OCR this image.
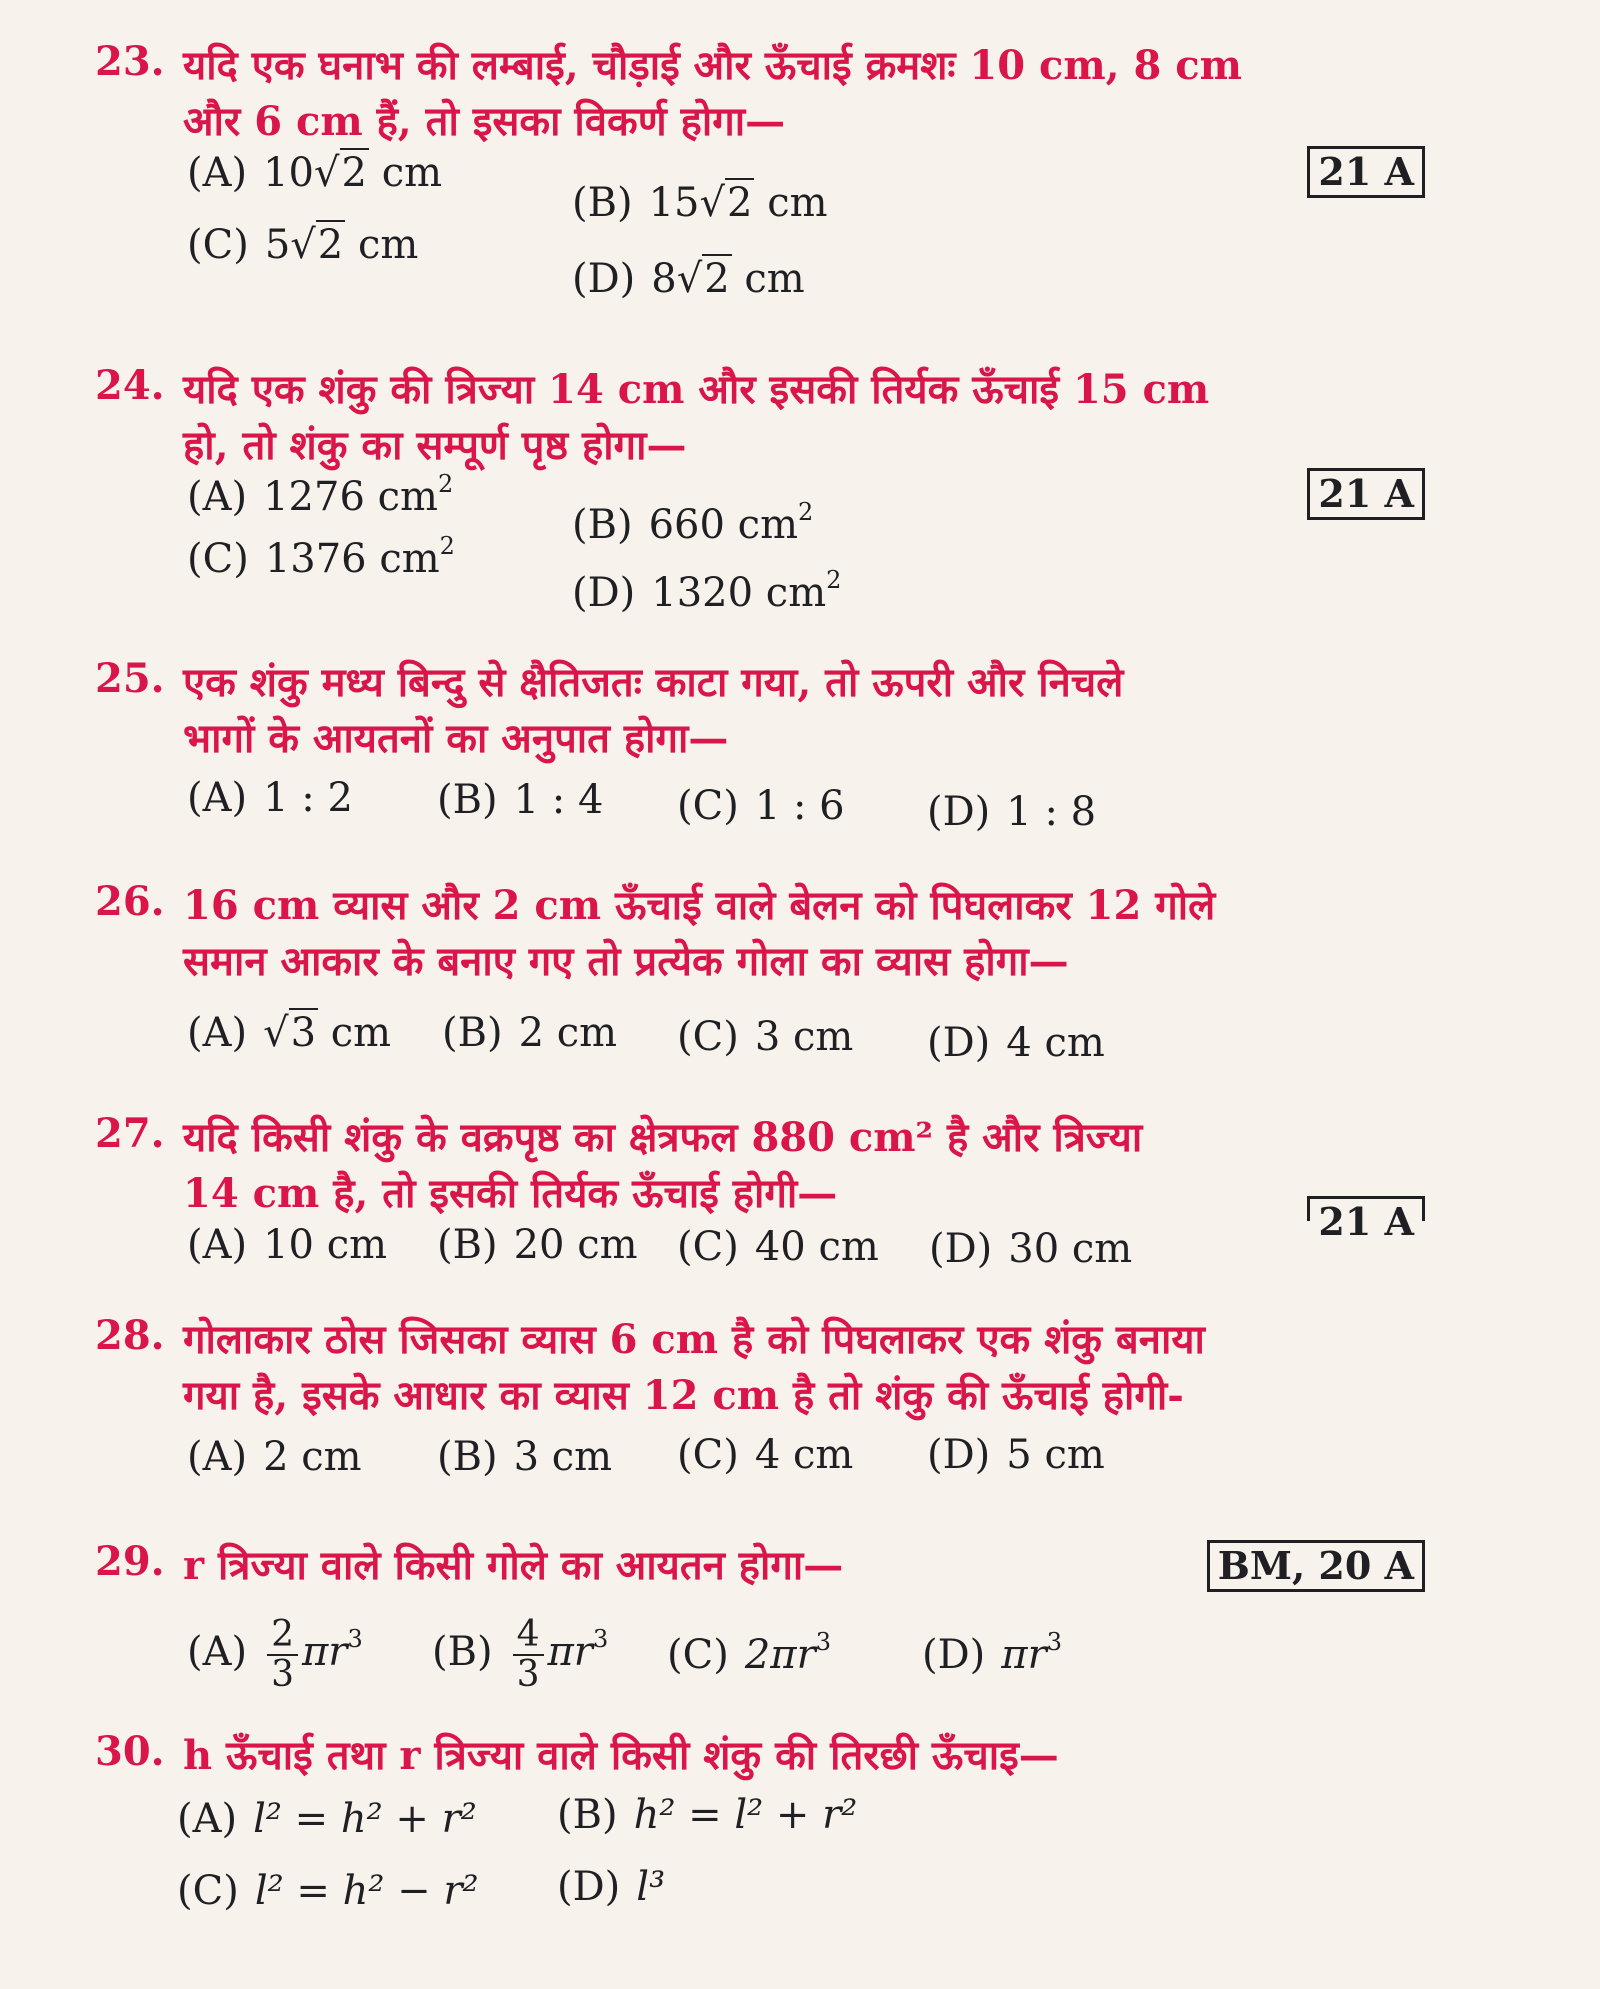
23. यदि एक घनाभ की लम्बाई, चौड़ाई और ऊँचाई क्रमशः 10 cm, 8 cm
और 6 cm हैं, तो इसका विकर्ण होगा—
21 A
(A) 10√2 cm
(B) 15√2 cm
(C) 5√2 cm
(D) 8√2 cm
24. यदि एक शंकु की त्रिज्या 14 cm और इसकी तिर्यक ऊँचाई 15 cm
हो, तो शंकु का सम्पूर्ण पृष्ठ होगा—
21 A
(A) 1276 $cm^2$
(B) 660 $cm^2$
(C) 1376 $cm^2$
(D) 1320 $cm^2$
25. एक शंकु मध्य बिन्दु से क्षैतिजतः काटा गया, तो ऊपरी और निचले
भागों के आयतनों का अनुपात होगा—
(A) 1 : 2 (B) 1 : 4 (C) 1 : 6 (D) 1 : 8
26. 16 cm व्यास और 2 cm ऊँचाई वाले बेलन को पिघलाकर 12 गोले
समान आकार के बनाए गए तो प्रत्येक गोला का व्यास होगा—
(A) √3 cm (B) 2 cm (C) 3 cm (D) 4 cm
27. यदि किसी शंकु के वक्रपृष्ठ का क्षेत्रफल 880 cm² है और त्रिज्या
14 cm है, तो इसकी तिर्यक ऊँचाई होगी—
21 A
(A) 10 cm (B) 20 cm (C) 40 cm (D) 30 cm
28. गोलाकार ठोस जिसका व्यास 6 cm है को पिघलाकर एक शंकु बनाया
गया है, इसके आधार का व्यास 12 cm है तो शंकु की ऊँचाई होगी-
(A) 2 cm (B) 3 cm (C) 4 cm (D) 5 cm
29. r त्रिज्या वाले किसी गोले का आयतन होगा—	BM, 20 A
$(A) \frac{2}{3} \pi r^3$ $(B) \frac{4}{3} \pi r^3$ (C) $2\pi r^3$ (D) $\pi r^3$
30. h ऊँचाई तथा r त्रिज्या वाले किसी शंकु की तिरछी ऊँचाइ—
(A) l² = h² + r² (B) h² = l² + r²
(C) l² = h² − r² (D) l³
